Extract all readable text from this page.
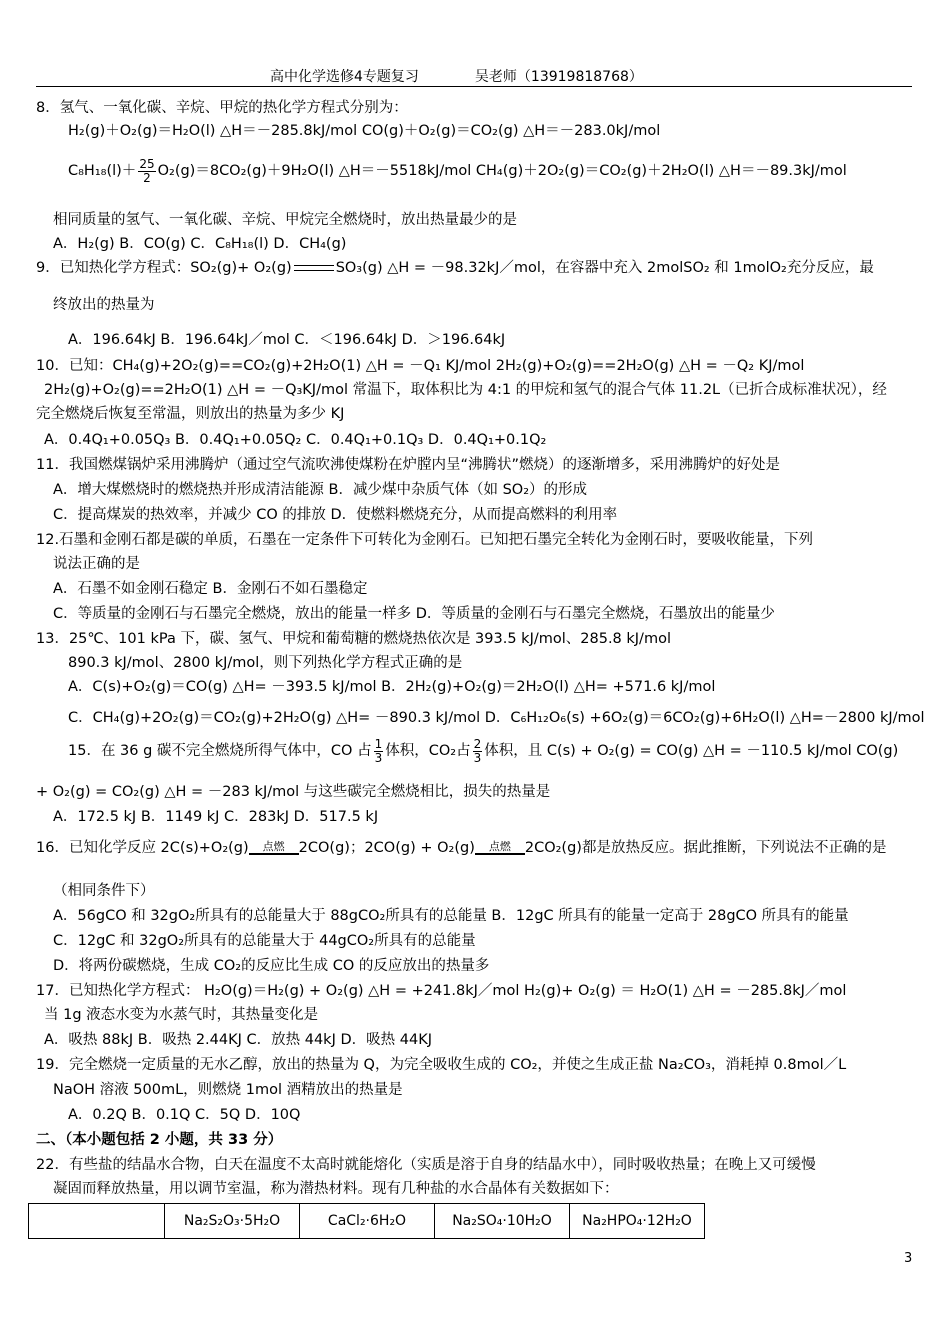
高中化学选修4专题复习	吴老师（13919818768）
8．氢气、一氧化碳、辛烷、甲烷的热化学方程式分别为：
H₂(g)＋O₂(g)＝H₂O(l) △H＝－285.8kJ/mol CO(g)＋O₂(g)＝CO₂(g) △H＝－283.0kJ/mol
$C_8H_{18}(l)+ \frac{25}{2} O_2(g)=8CO_2(g)+9H_2O(l)$ △H＝－5518kJ/mol CH₄(g)＋2O₂(g)＝CO₂(g)＋2H₂O(l) △H＝－89.3kJ/mol
相同质量的氢气、一氧化碳、辛烷、甲烷完全燃烧时，放出热量最少的是
A．H₂(g) B．CO(g) C．C₈H₁₈(l) D．CH₄(g)
9．已知热化学方程式：SO₂(g)+ O₂(g)	SO₃(g) △H = －98.32kJ／mol，在容器中充入 2molSO₂ 和 1molO₂充分反应，最
终放出的热量为
A．196.64kJ B．196.64kJ／mol C．＜196.64kJ D．＞196.64kJ
10．已知：CH₄(g)+2O₂(g)==CO₂(g)+2H₂O(1) △H = －Q₁ KJ/mol 2H₂(g)+O₂(g)==2H₂O(g) △H = －Q₂ KJ/mol
2H₂(g)+O₂(g)==2H₂O(1) △H = －Q₃KJ/mol 常温下，取体积比为 4:1 的甲烷和氢气的混合气体 11.2L（已折合成标准状况），经
完全燃烧后恢复至常温，则放出的热量为多少 KJ
A．0.4Q₁+0.05Q₃ B．0.4Q₁+0.05Q₂ C．0.4Q₁+0.1Q₃ D．0.4Q₁+0.1Q₂
11．我国燃煤锅炉采用沸腾炉（通过空气流吹沸使煤粉在炉膛内呈“沸腾状”燃烧）的逐渐增多，采用沸腾炉的好处是
A．增大煤燃烧时的燃烧热并形成清洁能源 B．减少煤中杂质气体（如 SO₂）的形成
C．提高煤炭的热效率，并减少 CO 的排放 D．使燃料燃烧充分，从而提高燃料的利用率
12.石墨和金刚石都是碳的单质，石墨在一定条件下可转化为金刚石。已知把石墨完全转化为金刚石时，要吸收能量，下列
说法正确的是
A．石墨不如金刚石稳定 B．金刚石不如石墨稳定
C．等质量的金刚石与石墨完全燃烧，放出的能量一样多 D．等质量的金刚石与石墨完全燃烧，石墨放出的能量少
13．25℃、101 kPa 下，碳、氢气、甲烷和葡萄糖的燃烧热依次是 393.5 kJ/mol、285.8 kJ/mol
890.3 kJ/mol、2800 kJ/mol，则下列热化学方程式正确的是
A．C(s)+O₂(g)＝CO(g) △H= －393.5 kJ/mol B．2H₂(g)+O₂(g)＝2H₂O(l) △H= +571.6 kJ/mol
C．CH₄(g)+2O₂(g)＝CO₂(g)+2H₂O(g) △H= －890.3 kJ/mol D．C₆H₁₂O₆(s) +6O₂(g)＝6CO₂(g)+6H₂O(l) △H=－2800 kJ/mol
15．在 36 g 碳不完全燃烧所得气体中，CO 占 $\frac{1}{3}$ 体积，CO₂占 $\frac{2}{3}$ 体积，且 C(s) + O₂(g) = CO(g) △H = －110.5 kJ/mol CO(g)
+ O₂(g) = CO₂(g) △H = －283 kJ/mol 与这些碳完全燃烧相比，损失的热量是
A．172.5 kJ B．1149 kJ C．283kJ D．517.5 kJ
16．已知化学反应 2C(s)+O₂(g) 点燃 2CO(g)；2CO(g) + O₂(g) 点燃 2CO₂(g)都是放热反应。据此推断，下列说法不正确的是
（相同条件下）
A．56gCO 和 32gO₂所具有的总能量大于 88gCO₂所具有的总能量 B．12gC 所具有的能量一定高于 28gCO 所具有的能量
C．12gC 和 32gO₂所具有的总能量大于 44gCO₂所具有的总能量
D．将两份碳燃烧，生成 CO₂的反应比生成 CO 的反应放出的热量多
17．已知热化学方程式： H₂O(g)＝H₂(g) + O₂(g) △H = +241.8kJ／mol H₂(g)+ O₂(g) ＝ H₂O(1) △H = －285.8kJ／mol
当 1g 液态水变为水蒸气时，其热量变化是
A．吸热 88kJ B．吸热 2.44KJ C．放热 44kJ D．吸热 44KJ
19．完全燃烧一定质量的无水乙醇，放出的热量为 Q，为完全吸收生成的 CO₂，并使之生成正盐 Na₂CO₃，消耗掉 0.8mol／L
NaOH 溶液 500mL，则燃烧 1mol 酒精放出的热量是
A．0.2Q B．0.1Q C．5Q D．10Q
二、（本小题包括 2 小题，共 33 分）
22．有些盐的结晶水合物，白天在温度不太高时就能熔化（实质是溶于自身的结晶水中），同时吸收热量；在晚上又可缓慢
凝固而释放热量，用以调节室温，称为潜热材料。现有几种盐的水合晶体有关数据如下：
	Na₂S₂O₃·5H₂O	CaCl₂·6H₂O	Na₂SO₄·10H₂O	Na₂HPO₄·12H₂O
3
